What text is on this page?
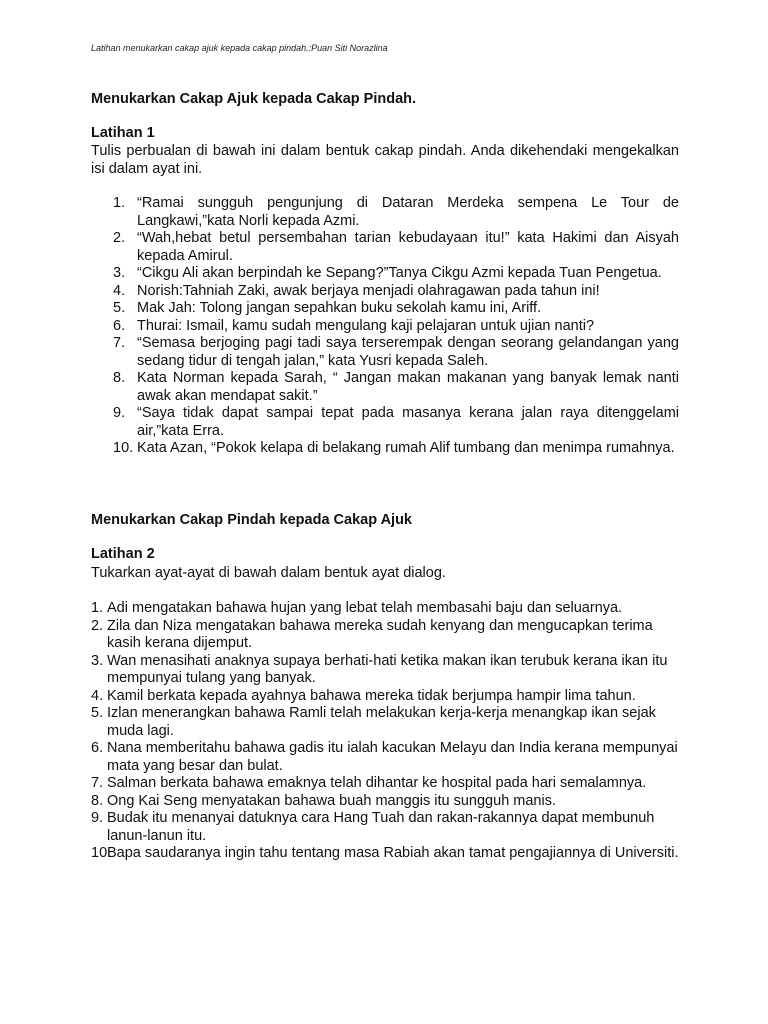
Latihan menukarkan cakap ajuk kepada cakap pindah.:Puan Siti Norazlina
Menukarkan Cakap Ajuk kepada Cakap Pindah.
Latihan 1
Tulis perbualan di bawah ini dalam bentuk cakap pindah. Anda dikehendaki mengekalkan isi dalam ayat ini.
1. “Ramai sungguh pengunjung di Dataran Merdeka sempena Le Tour de Langkawi,”kata Norli kepada Azmi.
2. “Wah,hebat betul persembahan tarian kebudayaan itu!” kata Hakimi dan Aisyah kepada Amirul.
3. “Cikgu Ali akan berpindah ke Sepang?”Tanya Cikgu Azmi kepada Tuan Pengetua.
4. Norish:Tahniah Zaki, awak berjaya menjadi olahragawan pada tahun ini!
5. Mak Jah: Tolong jangan sepahkan buku sekolah kamu ini, Ariff.
6. Thurai: Ismail, kamu sudah mengulang kaji pelajaran untuk ujian nanti?
7. “Semasa berjoging pagi tadi saya terserempak dengan seorang gelandangan yang sedang tidur di tengah jalan,” kata Yusri kepada Saleh.
8. Kata Norman kepada Sarah, “ Jangan makan makanan yang banyak lemak nanti awak akan mendapat sakit.”
9. “Saya tidak dapat sampai tepat pada masanya kerana jalan raya ditenggelami air,”kata Erra.
10. Kata Azan, “Pokok kelapa di belakang rumah Alif tumbang dan menimpa rumahnya.
Menukarkan Cakap Pindah kepada Cakap Ajuk
Latihan 2
Tukarkan ayat-ayat di bawah dalam bentuk ayat dialog.
1. Adi mengatakan bahawa hujan yang lebat telah membasahi baju dan seluarnya.
2. Zila dan Niza mengatakan bahawa mereka sudah kenyang dan mengucapkan terima kasih kerana dijemput.
3. Wan menasihati anaknya supaya berhati-hati ketika makan ikan terubuk kerana ikan itu mempunyai tulang yang banyak.
4. Kamil berkata kepada ayahnya bahawa mereka tidak berjumpa hampir lima tahun.
5. Izlan menerangkan bahawa Ramli telah melakukan kerja-kerja menangkap ikan sejak muda lagi.
6. Nana memberitahu bahawa gadis itu ialah kacukan Melayu dan India kerana mempunyai mata yang besar dan bulat.
7. Salman berkata bahawa emaknya telah dihantar ke hospital pada hari semalamnya.
8. Ong Kai Seng menyatakan bahawa buah manggis itu sungguh manis.
9. Budak itu menanyai datuknya cara Hang Tuah dan rakan-rakannya dapat membunuh lanun-lanun itu.
10.
Bapa saudaranya ingin tahu tentang masa Rabiah akan tamat pengajiannya di Universiti.
